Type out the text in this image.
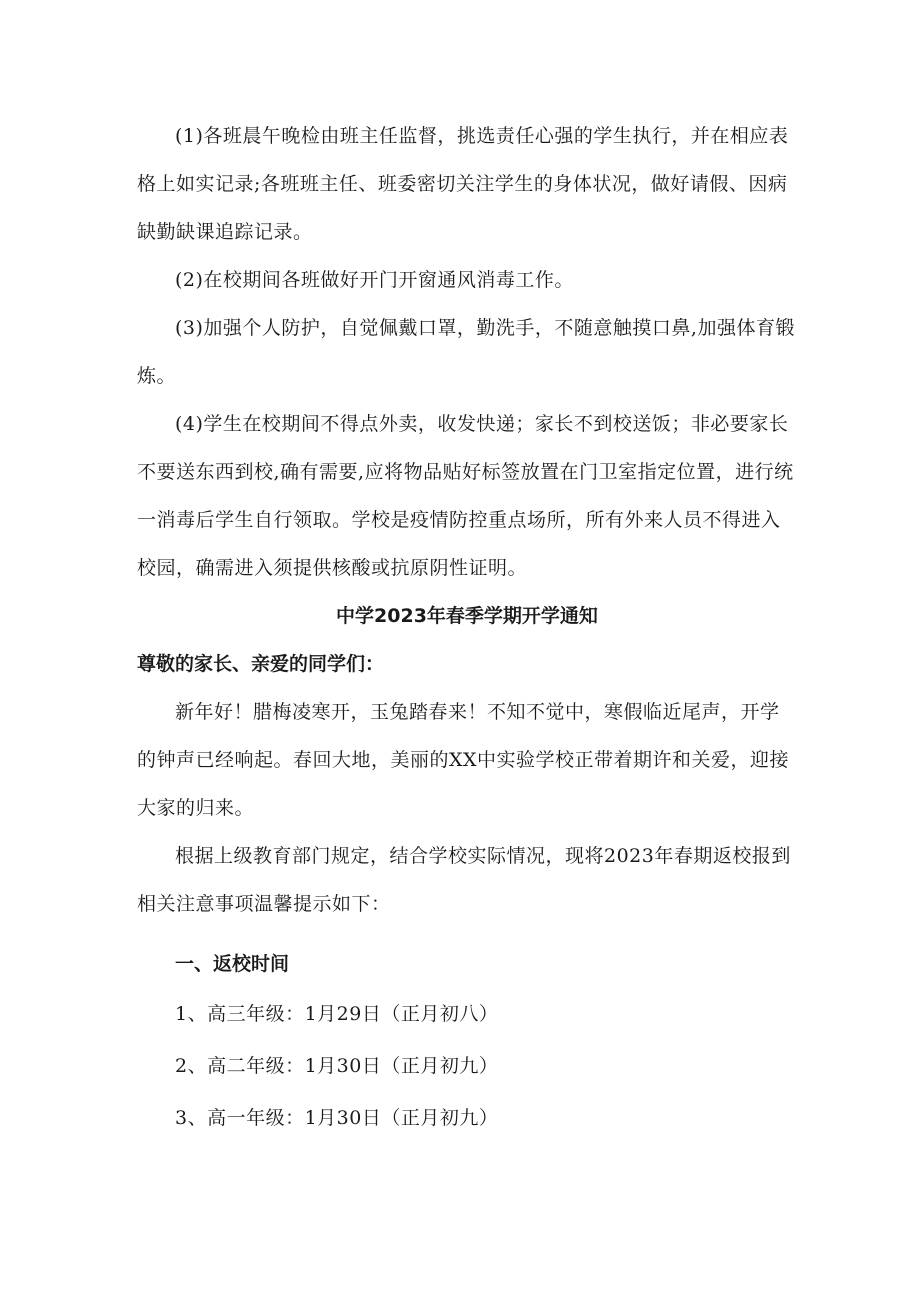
(1)各班晨午晚检由班主任监督，挑选责任心强的学生执行，并在相应表格上如实记录;各班班主任、班委密切关注学生的身体状况，做好请假、因病缺勤缺课追踪记录。

(2)在校期间各班做好开门开窗通风消毒工作。

(3)加强个人防护，自觉佩戴口罩，勤洗手，不随意触摸口鼻,加强体育锻炼。

(4)学生在校期间不得点外卖，收发快递；家长不到校送饭；非必要家长不要送东西到校,确有需要,应将物品贴好标签放置在门卫室指定位置，进行统一消毒后学生自行领取。学校是疫情防控重点场所，所有外来人员不得进入校园，确需进入须提供核酸或抗原阴性证明。

中学2023年春季学期开学通知

尊敬的家长、亲爱的同学们：

新年好！腊梅凌寒开，玉兔踏春来！不知不觉中，寒假临近尾声，开学的钟声已经响起。春回大地，美丽的XX中实验学校正带着期许和关爱，迎接大家的归来。

根据上级教育部门规定，结合学校实际情况，现将2023年春期返校报到相关注意事项温馨提示如下：

一、返校时间

1、高三年级：1月29日（正月初八）

2、高二年级：1月30日（正月初九）

3、高一年级：1月30日（正月初九）
